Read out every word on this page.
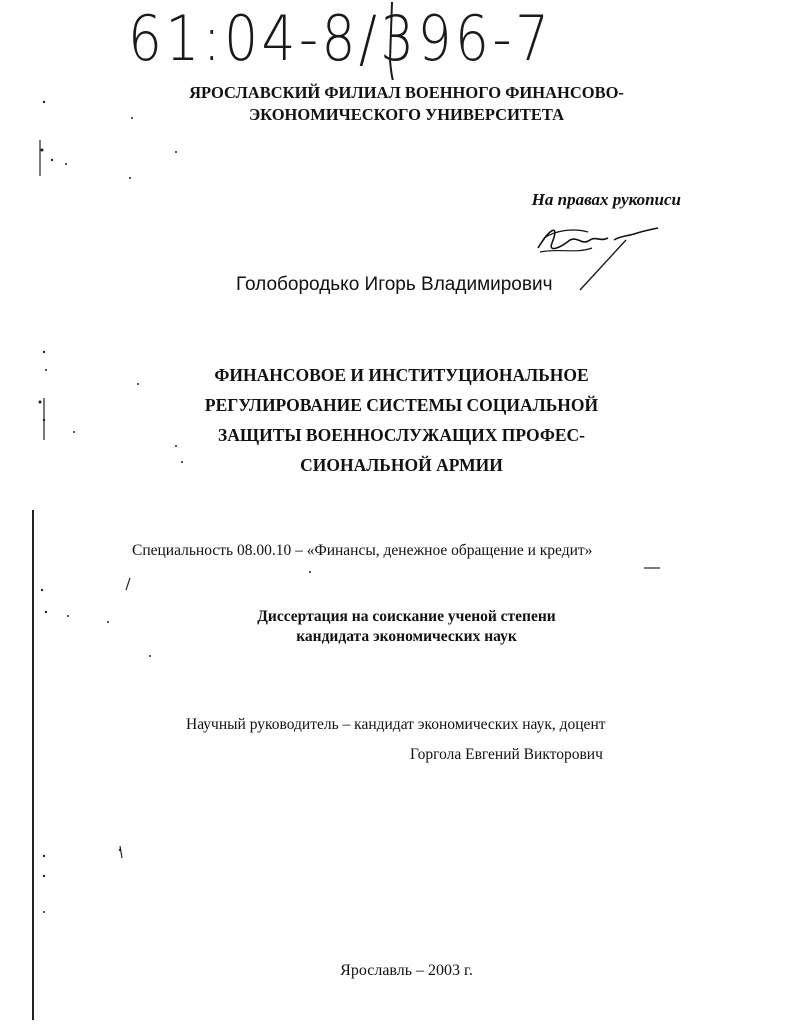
61:04-8/396-7
ЯРОСЛАВСКИЙ ФИЛИАЛ ВОЕННОГО ФИНАНСОВО-
ЭКОНОМИЧЕСКОГО УНИВЕРСИТЕТА
На правах рукописи
Голобородько Игорь Владимирович
ФИНАНСОВОЕ И ИНСТИТУЦИОНАЛЬНОЕ
РЕГУЛИРОВАНИЕ СИСТЕМЫ СОЦИАЛЬНОЙ
ЗАЩИТЫ ВОЕННОСЛУЖАЩИХ ПРОФЕС-
СИОНАЛЬНОЙ АРМИИ
Специальность 08.00.10 – «Финансы, денежное обращение и кредит»
Диссертация на соискание ученой степени
кандидата экономических наук
Научный руководитель – кандидат экономических наук, доцент
Горгола Евгений Викторович
Ярославль – 2003 г.
